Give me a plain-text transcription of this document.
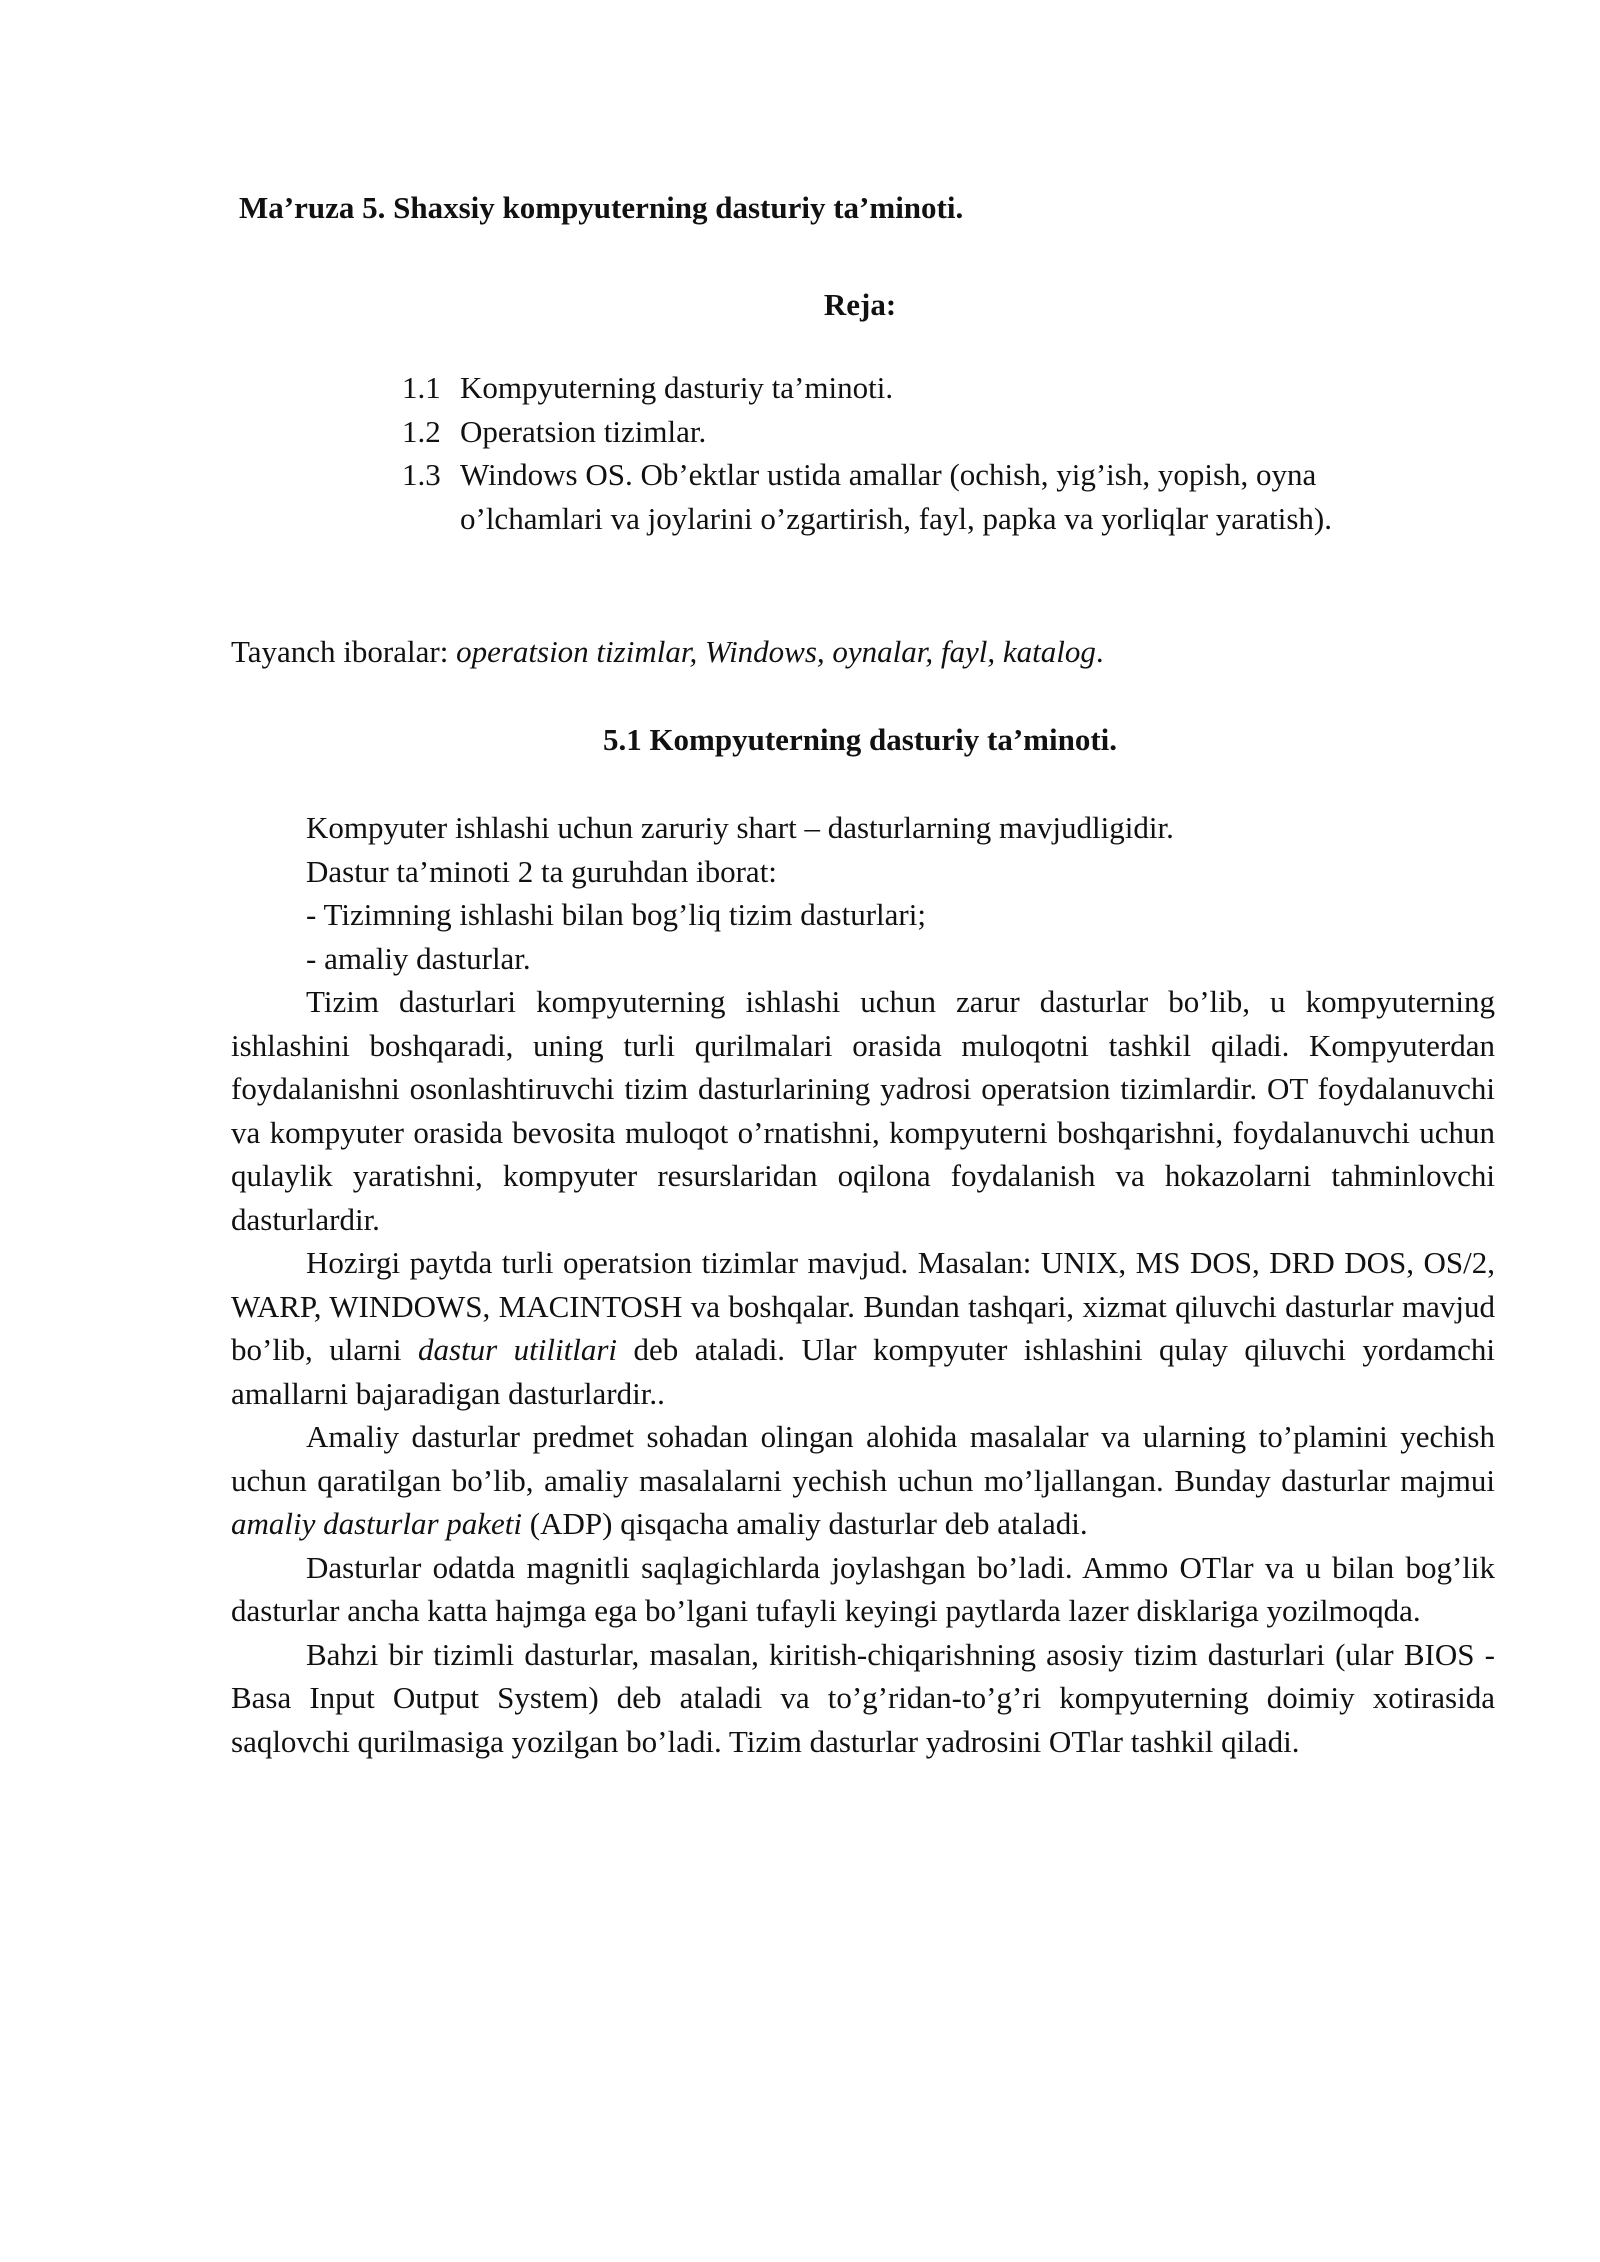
Ma’ruza 5. Shaxsiy kompyuterning dasturiy ta’minoti.
Reja:
1.1 Kompyuterning dasturiy ta’minoti.
1.2 Operatsion tizimlar.
1.3 Windows OS. Ob’ektlar ustida amallar (ochish, yig’ish, yopish, oyna o’lchamlari va joylarini o’zgartirish, fayl, papka va yorliqlar yaratish).
Tayanch iboralar: operatsion tizimlar, Windows, oynalar, fayl, katalog.
5.1 Kompyuterning dasturiy ta’minoti.
Kompyuter ishlashi uchun zaruriy shart – dasturlarning mavjudligidir.
Dastur ta’minoti 2 ta guruhdan iborat:
- Tizimning ishlashi bilan bog’liq tizim dasturlari;
- amaliy dasturlar.

Tizim dasturlari kompyuterning ishlashi uchun zarur dasturlar bo’lib, u kompyuterning ishlashini boshqaradi, uning turli qurilmalari orasida muloqotni tashkil qiladi. Kompyuterdan foydalanishni osonlashtiruvchi tizim dasturlarining yadrosi operatsion tizimlardir. OT foydalanuvchi va kompyuter orasida bevosita muloqot o’rnatishni, kompyuterni boshqarishni, foydalanuvchi uchun qulaylik yaratishni, kompyuter resurslaridan oqilona foydalanish va hokazolarni tahminlovchi dasturlardir.

Hozirgi paytda turli operatsion tizimlar mavjud. Masalan: UNIX, MS DOS, DRD DOS, OS/2, WARP, WINDOWS, MACINTOSH va boshqalar. Bundan tashqari, xizmat qiluvchi dasturlar mavjud bo’lib, ularni dastur utilitlari deb ataladi. Ular kompyuter ishlashini qulay qiluvchi yordamchi amallarni bajaradigan dasturlardir..

Amaliy dasturlar predmet sohadan olingan alohida masalalar va ularning to’plamini yechish uchun qaratilgan bo’lib, amaliy masalalarni yechish uchun mo’ljallangan. Bunday dasturlar majmui amaliy dasturlar paketi (ADP) qisqacha amaliy dasturlar deb ataladi.

Dasturlar odatda magnitli saqlagichlarda joylashgan bo’ladi. Ammo OTlar va u bilan bog’lik dasturlar ancha katta hajmga ega bo’lgani tufayli keyingi paytlarda lazer disklariga yozilmoqda.

Bahzi bir tizimli dasturlar, masalan, kiritish-chiqarishning asosiy tizim dasturlari (ular BIOS -Basa Input Output System) deb ataladi va to’g’ridan-to’g’ri kompyuterning doimiy xotirasida saqlovchi qurilmasiga yozilgan bo’ladi. Tizim dasturlar yadrosini OTlar tashkil qiladi.
